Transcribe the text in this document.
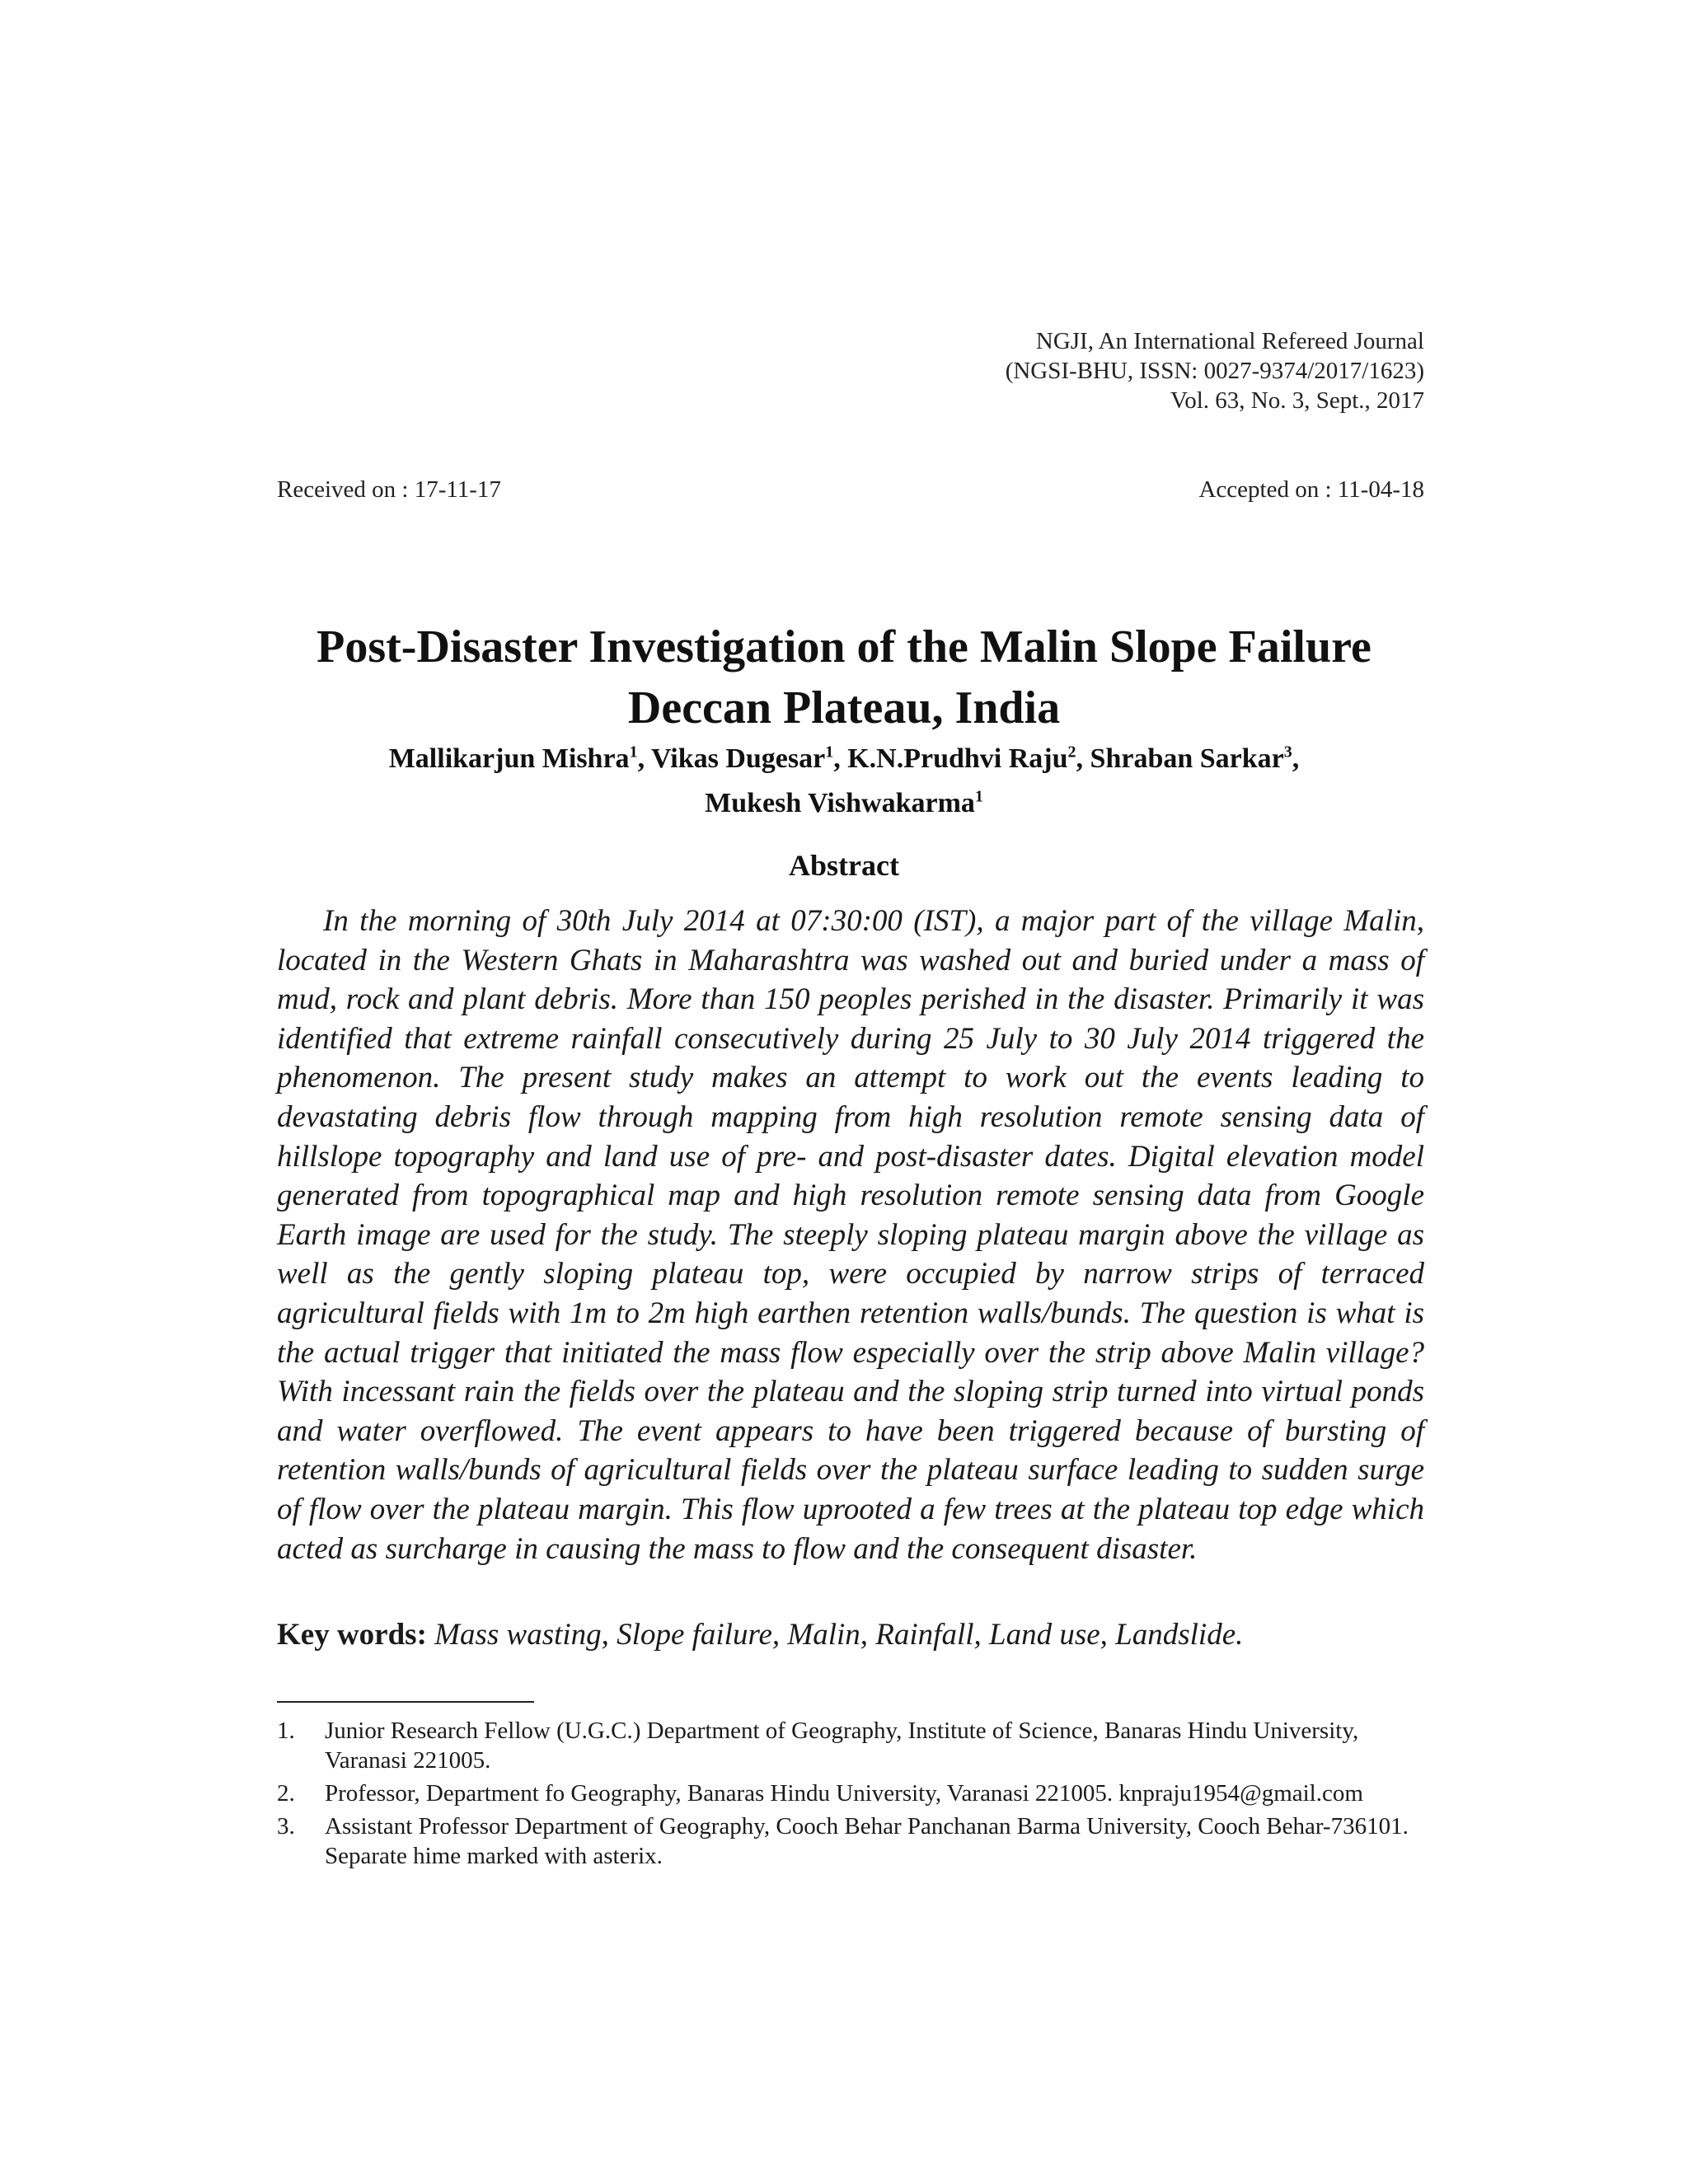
NGJI, An International Refereed Journal
(NGSI-BHU, ISSN: 0027-9374/2017/1623)
Vol. 63, No. 3, Sept., 2017
Received on : 17-11-17	Accepted on : 11-04-18
Post-Disaster Investigation of the Malin Slope Failure
Deccan Plateau, India
Mallikarjun Mishra$^1$, Vikas Dugesar$^1$, K.N.Prudhvi Raju$^2$, Shraban Sarkar$^3$,
Mukesh Vishwakarma$^1$
Abstract
In the morning of 30th July 2014 at 07:30:00 (IST), a major part of the village Malin, located in the Western Ghats in Maharashtra was washed out and buried under a mass of mud, rock and plant debris. More than 150 peoples perished in the disaster. Primarily it was identified that extreme rainfall consecutively during 25 July to 30 July 2014 triggered the phenomenon. The present study makes an attempt to work out the events leading to devastating debris flow through mapping from high resolution remote sensing data of hillslope topography and land use of pre- and post-disaster dates. Digital elevation model generated from topographical map and high resolution remote sensing data from Google Earth image are used for the study. The steeply sloping plateau margin above the village as well as the gently sloping plateau top, were occupied by narrow strips of terraced agricultural fields with 1m to 2m high earthen retention walls/bunds. The question is what is the actual trigger that initiated the mass flow especially over the strip above Malin village? With incessant rain the fields over the plateau and the sloping strip turned into virtual ponds and water overflowed. The event appears to have been triggered because of bursting of retention walls/bunds of agricultural fields over the plateau surface leading to sudden surge of flow over the plateau margin. This flow uprooted a few trees at the plateau top edge which acted as surcharge in causing the mass to flow and the consequent disaster.
Key words: Mass wasting, Slope failure, Malin, Rainfall, Land use, Landslide.
1. Junior Research Fellow (U.G.C.) Department of Geography, Institute of Science, Banaras Hindu University, Varanasi 221005.
2. Professor, Department fo Geography, Banaras Hindu University, Varanasi 221005. knpraju1954@gmail.com
3. Assistant Professor Department of Geography, Cooch Behar Panchanan Barma University, Cooch Behar-736101. Separate hime marked with asterix.
